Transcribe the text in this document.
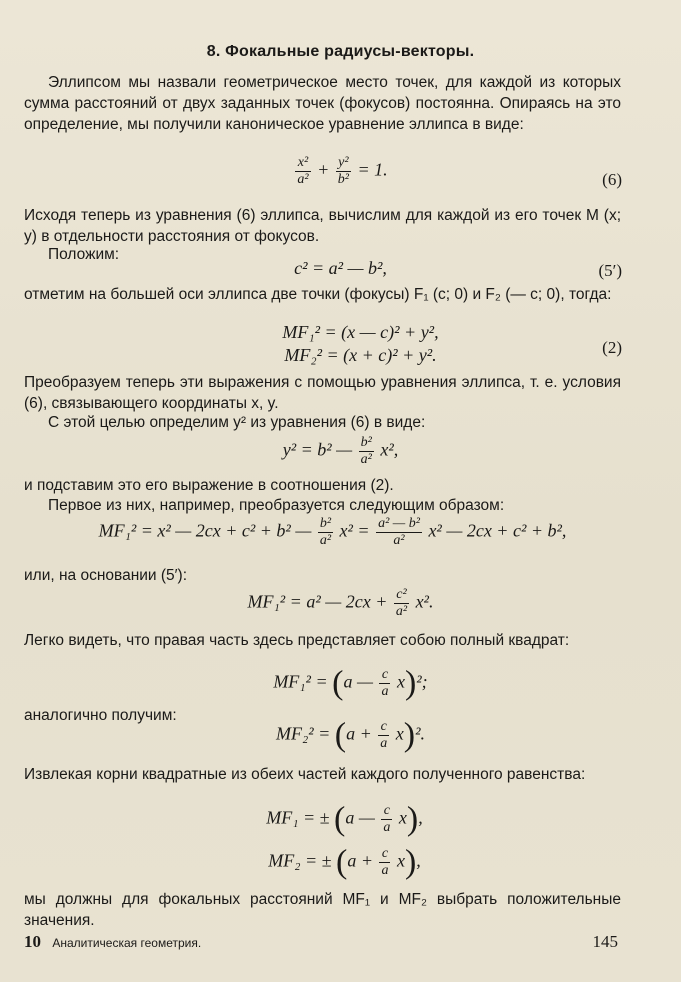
8. Фокальные радиусы-векторы.
Эллипсом мы назвали геометрическое место точек, для каждой из которых сумма расстояний от двух заданных точек (фокусов) постоянна. Опираясь на это определение, мы получили каноническое уравнение эллипса в виде:
$\frac{\text{x²}}{\text{a²}} + \frac{\text{y²}}{\text{b²}} = 1$.	(6)
Исходя теперь из уравнения (6) эллипса, вычислим для каждой из его точек M (x; y) в отдельности расстояния от фокусов.
Положим:
c² = a² — b²,	(5′)
отметим на большей оси эллипса две точки (фокусы) F₁ (c; 0) и F₂ (— c; 0), тогда:
MF₁² = (x — c)² + y²,
MF₂² = (x + c)² + y².	(2)
Преобразуем теперь эти выражения с помощью уравнения эллипса, т. е. условия (6), связывающего координаты x, y.
С этой целью определим y² из уравнения (6) в виде:
y² = b² — $\frac{\text{b²}}{\text{a²}} x^2$,
и подставим это его выражение в соотношения (2).
Первое из них, например, преобразуется следующим образом:
MF₁² = x² — 2cx + c² + b² — $\frac{\text{b²}}{\text{a²}} x^2 = \frac{\text{a² — b²}}{\text{a²}} x^2$ — 2cx + c² + b²,
или, на основании (5′):
MF₁² = a² — $2cx + \frac{\text{c²}}{\text{a²}} x^2$.
Легко видеть, что правая часть здесь представляет собою полный квадрат:
MF₁² = (a — $\frac{c}{a} x)^2$;
аналогично получим:
$MF_2^2 = (a + \frac{c}{a} x)^2$.
Извлекая корни квадратные из обеих частей каждого полученного равенства:
MF₁ = ± (a — $\frac{c}{a} x$),
MF₂ = ± $(a + \frac{c}{a} x)$,
мы должны для фокальных расстояний MF₁ и MF₂ выбрать положительные значения.
10 Аналитическая геометрия.	145
